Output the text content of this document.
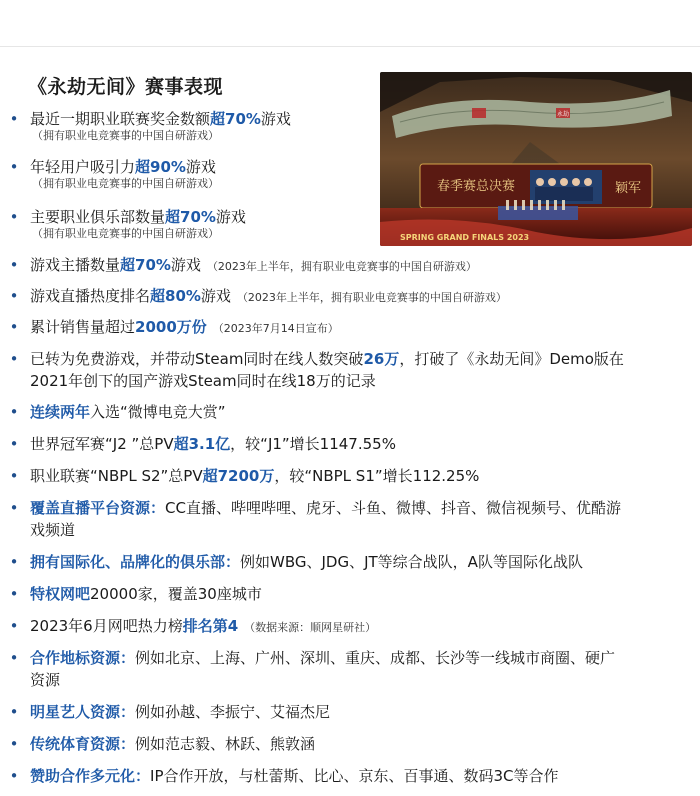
《永劫无间》赛事表现
永劫
春季赛总决赛	颖军
SPRING GRAND FINALS 2023
• 最近一期职业联赛奖金数额超70%游戏
（拥有职业电竞赛事的中国自研游戏）
• 年轻用户吸引力超90%游戏
（拥有职业电竞赛事的中国自研游戏）
• 主要职业俱乐部数量超70%游戏
（拥有职业电竞赛事的中国自研游戏）
• 游戏主播数量超70%游戏 （2023年上半年，拥有职业电竞赛事的中国自研游戏）
• 游戏直播热度排名超80%游戏 （2023年上半年，拥有职业电竞赛事的中国自研游戏）
• 累计销售量超过2000万份 （2023年7月14日宣布）
• 已转为免费游戏，并带动Steam同时在线人数突破26万，打破了《永劫无间》Demo版在
2021年创下的国产游戏Steam同时在线18万的记录
• 连续两年入选“微博电竞大赏”
• 世界冠军赛“J2 ”总PV超3.1亿，较“J1”增长1147.55%
• 职业联赛“NBPL S2”总PV超7200万，较“NBPL S1”增长112.25%
• 覆盖直播平台资源：CC直播、哔哩哔哩、虎牙、斗鱼、微博、抖音、微信视频号、优酷游
戏频道
• 拥有国际化、品牌化的俱乐部：例如WBG、JDG、JT等综合战队，A队等国际化战队
• 特权网吧20000家，覆盖30座城市
• 2023年6月网吧热力榜排名第4 （数据来源：顺网星研社）
• 合作地标资源：例如北京、上海、广州、深圳、重庆、成都、长沙等一线城市商圈、硬广
资源
• 明星艺人资源：例如孙越、李振宁、艾福杰尼
• 传统体育资源：例如范志毅、林跃、熊敦涵
• 赞助合作多元化：IP合作开放，与杜蕾斯、比心、京东、百事通、数码3C等合作
